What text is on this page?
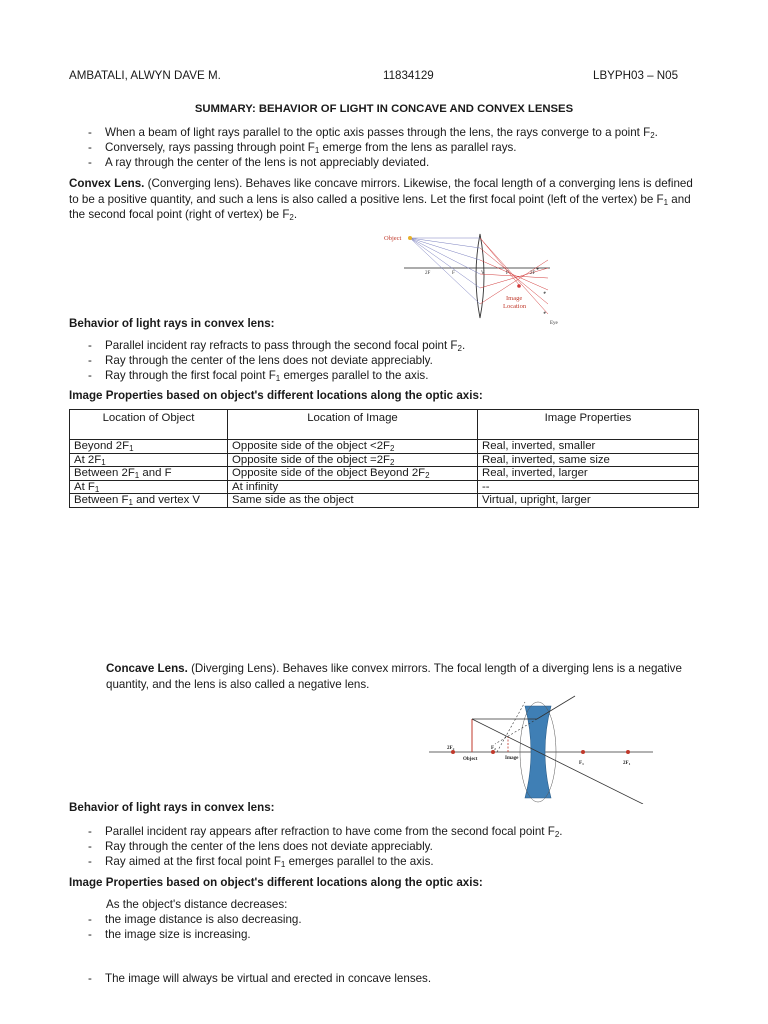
AMBATALI, ALWYN DAVE M.	11834129	LBYPH03 – N05
SUMMARY: BEHAVIOR OF LIGHT IN CONCAVE AND CONVEX LENSES
- When a beam of light rays parallel to the optic axis passes through the lens, the rays converge to a point $F_2$.
- Conversely, rays passing through point $F_1$ emerge from the lens as parallel rays.
- A ray through the center of the lens is not appreciably deviated.
Convex Lens. (Converging lens). Behaves like concave mirrors. Likewise, the focal length of a converging lens is defined
to be a positive quantity, and such a lens is also called a positive lens. Let the first focal point (left of the vertex) be $F_1$ and
the second focal point (right of vertex) be $F_2$.
Object
2F	F	V	F	2F
Image
Location
Eye
◕
◕
◕
Behavior of light rays in convex lens:
- Parallel incident ray refracts to pass through the second focal point $F_2$.
- Ray through the center of the lens does not deviate appreciably.
- Ray through the first focal point $F_1$ emerges parallel to the axis.
Image Properties based on object's different locations along the optic axis:
Location of Object	Location of Image	Image Properties
Beyond $2F_1$	Opposite side of the object $<2F_2$	Real, inverted, smaller
At $2F_1$	Opposite side of the object $=2F_2$	Real, inverted, same size
Between $2F_1$ and F	Opposite side of the object Beyond $2F_2$	Real, inverted, larger
At $F_1$	At infinity	--
Between $F_1$ and vertex V	Same side as the object	Virtual, upright, larger
Concave Lens. (Diverging Lens). Behaves like convex mirrors. The focal length of a diverging lens is a negative
quantity, and the lens is also called a negative lens.
$2F_2$	$F_2$
Object	Image
$F_1$	$2F_1$
Behavior of light rays in convex lens:
- Parallel incident ray appears after refraction to have come from the second focal point $F_2$.
- Ray through the center of the lens does not deviate appreciably.
- Ray aimed at the first focal point $F_1$ emerges parallel to the axis.
Image Properties based on object's different locations along the optic axis:
As the object's distance decreases:
- the image distance is also decreasing.
- the image size is increasing.
- The image will always be virtual and erected in concave lenses.
